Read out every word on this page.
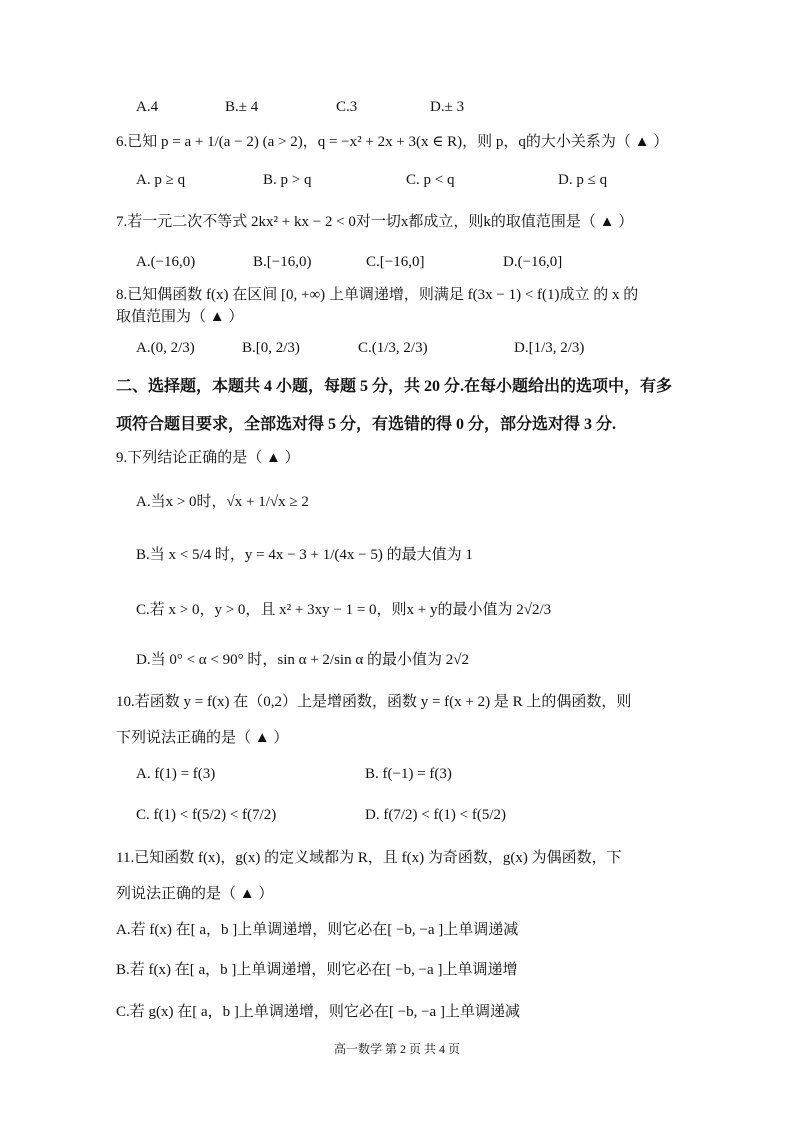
A.4	B.± 4	C.3	D.± 3
6.已知 p = a + 1/(a − 2) (a > 2)，q = −x² + 2x + 3(x ∈ R)，则 p，q的大小关系为（ ▲ ）
A. p ≥ q	B. p > q	C. p < q	D. p ≤ q
7.若一元二次不等式 2kx² + kx − 2 < 0对一切x都成立，则k的取值范围是（ ▲ ）
A.(−16,0)	B.[−16,0)	C.[−16,0]	D.(−16,0]
8.已知偶函数 f(x) 在区间 [0, +∞) 上单调递增，则满足 f(3x − 1) < f(1)成立 的 x 的
取值范围为（ ▲ ）
A.(0, 2/3)	B.[0, 2/3)	C.(1/3, 2/3)	D.[1/3, 2/3)
二、选择题，本题共 4 小题，每题 5 分，共 20 分.在每小题给出的选项中，有多
项符合题目要求，全部选对得 5 分，有选错的得 0 分，部分选对得 3 分.
9.下列结论正确的是（ ▲ ）
A.当x > 0时，√x + 1/√x ≥ 2
B.当 x < 5/4 时，y = 4x − 3 + 1/(4x − 5) 的最大值为 1
C.若 x > 0，y > 0，且 x² + 3xy − 1 = 0，则x + y的最小值为 2√2/3
D.当 0° < α < 90° 时，sin α + 2/sin α 的最小值为 2√2
10.若函数 y = f(x) 在（0,2）上是增函数，函数 y = f(x + 2) 是 R 上的偶函数，则
下列说法正确的是（ ▲ ）
A. f(1) = f(3)	B. f(−1) = f(3)
C. f(1) < f(5/2) < f(7/2)	D. f(7/2) < f(1) < f(5/2)
11.已知函数 f(x)，g(x) 的定义域都为 R，且 f(x) 为奇函数，g(x) 为偶函数，下
列说法正确的是（ ▲ ）
A.若 f(x) 在[ a，b ]上单调递增，则它必在[ −b, −a ]上单调递减
B.若 f(x) 在[ a，b ]上单调递增，则它必在[ −b, −a ]上单调递增
C.若 g(x) 在[ a，b ]上单调递增，则它必在[ −b, −a ]上单调递减
高一数学 第 2 页 共 4 页
